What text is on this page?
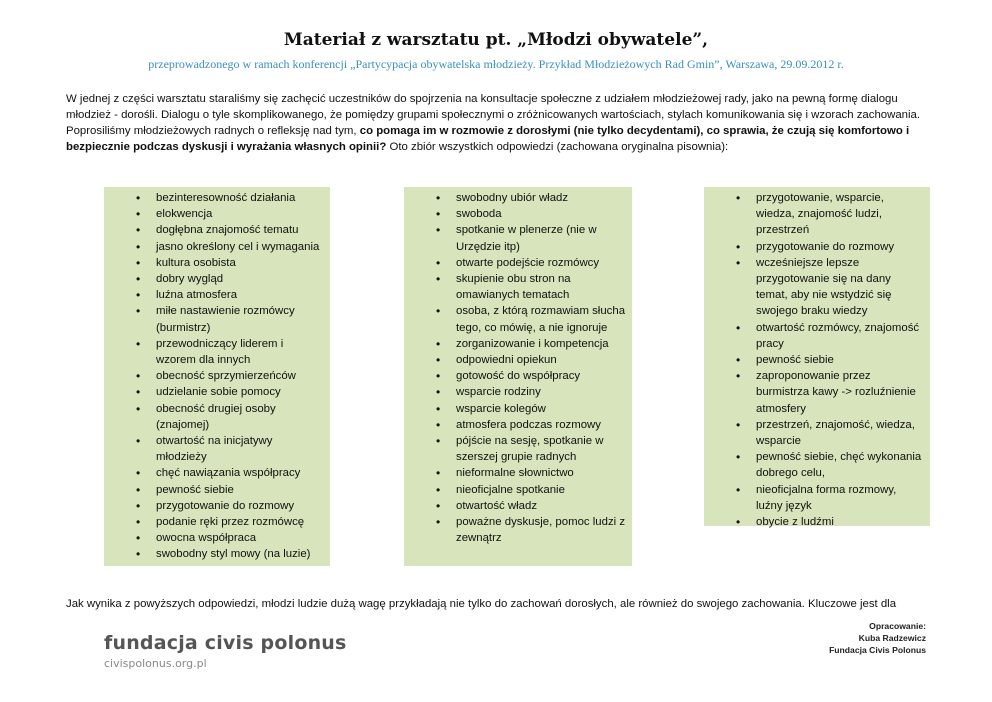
Materiał z warsztatu pt. „Młodzi obywatele”,
przeprowadzonego w ramach konferencji „Partycypacja obywatelska młodzieży. Przykład Młodzieżowych Rad Gmin”, Warszawa, 29.09.2012 r.

W jednej z części warsztatu staraliśmy się zachęcić uczestników do spojrzenia na konsultacje społeczne z udziałem młodzieżowej rady, jako na pewną formę dialogu młodzież - dorośli. Dialogu o tyle skomplikowanego, że pomiędzy grupami społecznymi o zróżnicowanych wartościach, stylach komunikowania się i wzorach zachowania.

Poprosiliśmy młodzieżowych radnych o refleksję nad tym, co pomaga im w rozmowie z dorosłymi (nie tylko decydentami), co sprawia, że czują się komfortowo i bezpiecznie podczas dyskusji i wyrażania własnych opinii? Oto zbiór wszystkich odpowiedzi (zachowana oryginalna pisownia):

• bezinteresowność działania
• elokwencja
• dogłębna znajomość tematu
• jasno określony cel i wymagania
• kultura osobista
• dobry wygląd
• luźna atmosfera
• miłe nastawienie rozmówcy (burmistrz)
• przewodniczący liderem i wzorem dla innych
• obecność sprzymierzeńców
• udzielanie sobie pomocy
• obecność drugiej osoby (znajomej)
• otwartość na inicjatywy młodzieży
• chęć nawiązania współpracy
• pewność siebie
• przygotowanie do rozmowy
• podanie ręki przez rozmówcę
• owocna współpraca
• swobodny styl mowy (na luzie)
• swobodny ubiór władz
• swoboda
• spotkanie w plenerze (nie w Urzędzie itp)
• otwarte podejście rozmówcy
• skupienie obu stron na omawianych tematach
• osoba, z którą rozmawiam słucha tego, co mówię, a nie ignoruje
• zorganizowanie i kompetencja
• odpowiedni opiekun
• gotowość do współpracy
• wsparcie rodziny
• wsparcie kolegów
• atmosfera podczas rozmowy
• pójście na sesję, spotkanie w szerszej grupie radnych
• nieformalne słownictwo
• nieoficjalne spotkanie
• otwartość władz
• poważne dyskusje, pomoc ludzi z zewnątrz
• przygotowanie, wsparcie, wiedza, znajomość ludzi, przestrzeń
• przygotowanie do rozmowy
• wcześniejsze lepsze przygotowanie się na dany temat, aby nie wstydzić się swojego braku wiedzy
• otwartość rozmówcy, znajomość pracy
• pewność siebie
• zaproponowanie przez burmistrza kawy -> rozluźnienie atmosfery
• przestrzeń, znajomość, wiedza, wsparcie
• pewność siebie, chęć wykonania dobrego celu,
• nieoficjalna forma rozmowy, luźny język
• obycie z ludźmi
Jak wynika z powyższych odpowiedzi, młodzi ludzie dużą wagę przykładają nie tylko do zachowań dorosłych, ale również do swojego zachowania. Kluczowe jest dla
fundacja civis polonus
civispolonus.org.pl
Opracowanie:
Kuba Radzewicz
Fundacja Civis Polonus
